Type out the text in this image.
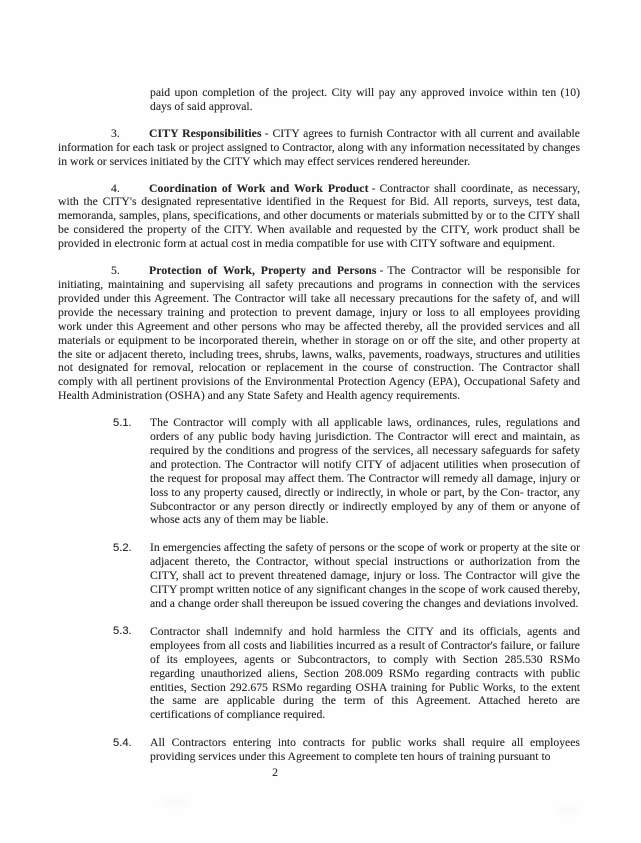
paid upon completion of the project. City will pay any approved invoice within ten (10) days of said approval.

3. CITY Responsibilities - CITY agrees to furnish Contractor with all current and available information for each task or project assigned to Contractor, along with any information necessitated by changes in work or services initiated by the CITY which may effect services rendered hereunder.

4. Coordination of Work and Work Product - Contractor shall coordinate, as necessary, with the CITY's designated representative identified in the Request for Bid. All reports, surveys, test data, memoranda, samples, plans, specifications, and other documents or materials submitted by or to the CITY shall be considered the property of the CITY. When available and requested by the CITY, work product shall be provided in electronic form at actual cost in media compatible for use with CITY software and equipment.

5. Protection of Work, Property and Persons - The Contractor will be responsible for initiating, maintaining and supervising all safety precautions and programs in connection with the services provided under this Agreement. The Contractor will take all necessary precautions for the safety of, and will provide the necessary training and protection to prevent damage, injury or loss to all employees providing work under this Agreement and other persons who may be affected thereby, all the provided services and all materials or equipment to be incorporated therein, whether in storage on or off the site, and other property at the site or adjacent thereto, including trees, shrubs, lawns, walks, pavements, roadways, structures and utilities not designated for removal, relocation or replacement in the course of construction. The Contractor shall comply with all pertinent provisions of the Environmental Protection Agency (EPA), Occupational Safety and Health Administration (OSHA) and any State Safety and Health agency requirements.

5.1. The Contractor will comply with all applicable laws, ordinances, rules, regulations and orders of any public body having jurisdiction. The Contractor will erect and maintain, as required by the conditions and progress of the services, all necessary safeguards for safety and protection. The Contractor will notify CITY of adjacent utilities when prosecution of the request for proposal may affect them. The Contractor will remedy all damage, injury or loss to any property caused, directly or indirectly, in whole or part, by the Con- tractor, any Subcontractor or any person directly or indirectly employed by any of them or anyone of whose acts any of them may be liable.

5.2. In emergencies affecting the safety of persons or the scope of work or property at the site or adjacent thereto, the Contractor, without special instructions or authorization from the CITY, shall act to prevent threatened damage, injury or loss. The Contractor will give the CITY prompt written notice of any significant changes in the scope of work caused thereby, and a change order shall thereupon be issued covering the changes and deviations involved.

5.3. Contractor shall indemnify and hold harmless the CITY and its officials, agents and employees from all costs and liabilities incurred as a result of Contractor's failure, or failure of its employees, agents or Subcontractors, to comply with Section 285.530 RSMo regarding unauthorized aliens, Section 208.009 RSMo regarding contracts with public entities, Section 292.675 RSMo regarding OSHA training for Public Works, to the extent the same are applicable during the term of this Agreement. Attached hereto are certifications of compliance required.

5.4. All Contractors entering into contracts for public works shall require all employees providing services under this Agreement to complete ten hours of training pursuant to

2
